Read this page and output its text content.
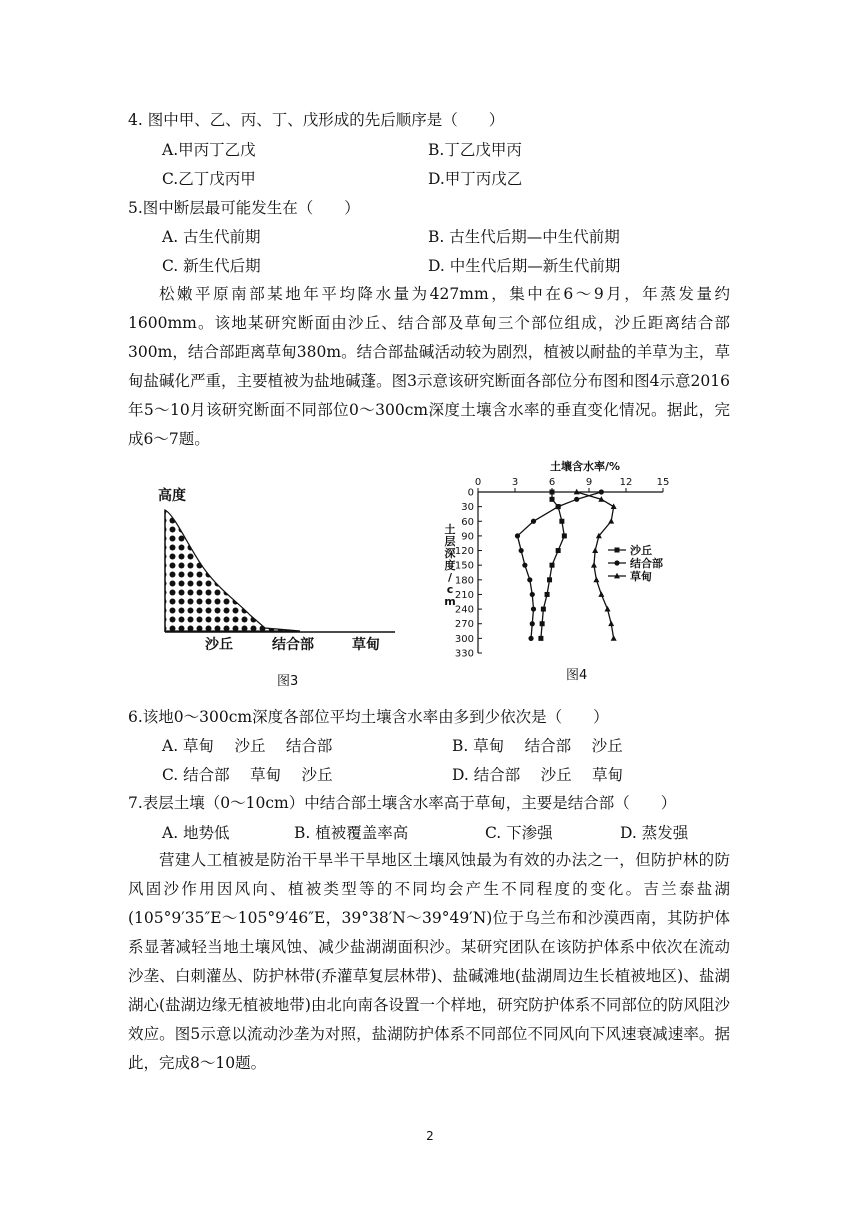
4. 图中甲、乙、丙、丁、戊形成的先后顺序是（　　）
A.甲丙丁乙戊	B.丁乙戊甲丙
C.乙丁戊丙甲	D.甲丁丙戊乙
5.图中断层最可能发生在（　　）
A. 古生代前期	B. 古生代后期—中生代前期
C. 新生代后期	D. 中生代后期—新生代前期

松嫩平原南部某地年平均降水量为427mm，集中在6～9月，年蒸发量约1600mm。该地某研究断面由沙丘、结合部及草甸三个部位组成，沙丘距离结合部300m，结合部距离草甸380m。结合部盐碱活动较为剧烈，植被以耐盐的羊草为主，草甸盐碱化严重，主要植被为盐地碱蓬。图3示意该研究断面各部位分布图和图4示意2016年5～10月该研究断面不同部位0～300cm深度土壤含水率的垂直变化情况。据此，完成6～7题。

高度
沙丘	结合部	草甸
图3
土壤含水率/%
土
层
深
度
/
c
m
0	3	6	9	12 15
0
30
60
90
120
150
180
210
240
270
300
330
沙丘
结合部
草甸
图4
6.该地0～300cm深度各部位平均土壤含水率由多到少依次是（　　）
A. 草甸　 沙丘　 结合部	B. 草甸　 结合部　 沙丘
C. 结合部　 草甸　 沙丘	D. 结合部　 沙丘　 草甸
7.表层土壤（0～10cm）中结合部土壤含水率高于草甸，主要是结合部（　　）
A. 地势低	B. 植被覆盖率高	C. 下渗强	D. 蒸发强

营建人工植被是防治干旱半干旱地区土壤风蚀最为有效的办法之一，但防护林的防风固沙作用因风向、植被类型等的不同均会产生不同程度的变化。吉兰泰盐湖(105°9′35″E～105°9′46″E，39°38′N～39°49′N)位于乌兰布和沙漠西南，其防护体系显著减轻当地土壤风蚀、减少盐湖湖面积沙。某研究团队在该防护体系中依次在流动沙垄、白刺灌丛、防护林带(乔灌草复层林带)、盐碱滩地(盐湖周边生长植被地区)、盐湖湖心(盐湖边缘无植被地带)由北向南各设置一个样地，研究防护体系不同部位的防风阻沙效应。图5示意以流动沙垄为对照，盐湖防护体系不同部位不同风向下风速衰减速率。据此，完成8～10题。

2
